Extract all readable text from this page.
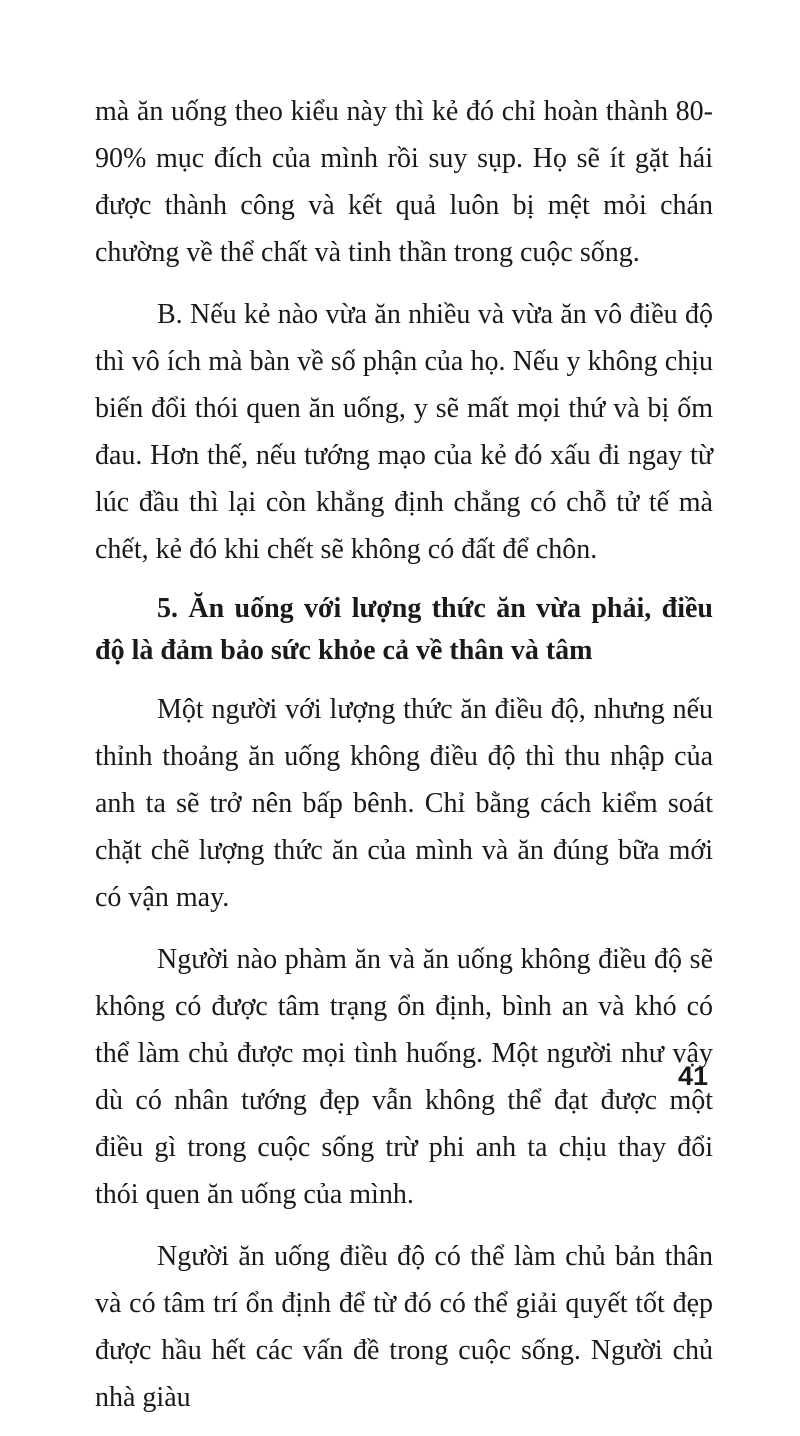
mà ăn uống theo kiểu này thì kẻ đó chỉ hoàn thành 80-90% mục đích của mình rồi suy sụp. Họ sẽ ít gặt hái được thành công và kết quả luôn bị mệt mỏi chán chường về thể chất và tinh thần trong cuộc sống.

B. Nếu kẻ nào vừa ăn nhiều và vừa ăn vô điều độ thì vô ích mà bàn về số phận của họ. Nếu y không chịu biến đổi thói quen ăn uống, y sẽ mất mọi thứ và bị ốm đau. Hơn thế, nếu tướng mạo của kẻ đó xấu đi ngay từ lúc đầu thì lại còn khẳng định chẳng có chỗ tử tế mà chết, kẻ đó khi chết sẽ không có đất để chôn.

5. Ăn uống với lượng thức ăn vừa phải, điều độ là đảm bảo sức khỏe cả về thân và tâm

Một người với lượng thức ăn điều độ, nhưng nếu thỉnh thoảng ăn uống không điều độ thì thu nhập của anh ta sẽ trở nên bấp bênh. Chỉ bằng cách kiểm soát chặt chẽ lượng thức ăn của mình và ăn đúng bữa mới có vận may.

Người nào phàm ăn và ăn uống không điều độ sẽ không có được tâm trạng ổn định, bình an và khó có thể làm chủ được mọi tình huống. Một người như vậy dù có nhân tướng đẹp vẫn không thể đạt được một điều gì trong cuộc sống trừ phi anh ta chịu thay đổi thói quen ăn uống của mình.

Người ăn uống điều độ có thể làm chủ bản thân và có tâm trí ổn định để từ đó có thể giải quyết tốt đẹp được hầu hết các vấn đề trong cuộc sống. Người chủ nhà giàu

41
